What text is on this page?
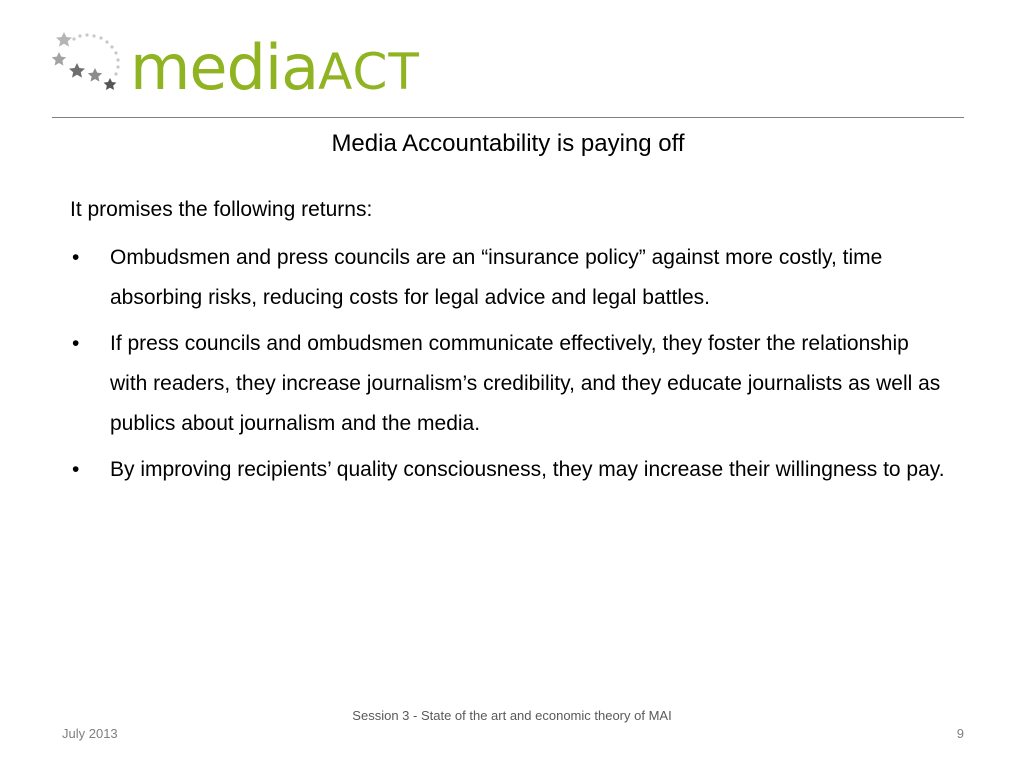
mediaACT
Media Accountability is paying off
It promises the following returns:
• Ombudsmen and press councils are an “insurance policy” against more costly, time absorbing risks, reducing costs for legal advice and legal battles.
• If press councils and ombudsmen communicate effectively, they foster the relationship with readers, they increase journalism’s credibility, and they educate journalists as well as publics about journalism and the media.
• By improving recipients’ quality consciousness, they may increase their willingness to pay.
Session 3 - State of the art and economic theory of MAI
July 2013	9
